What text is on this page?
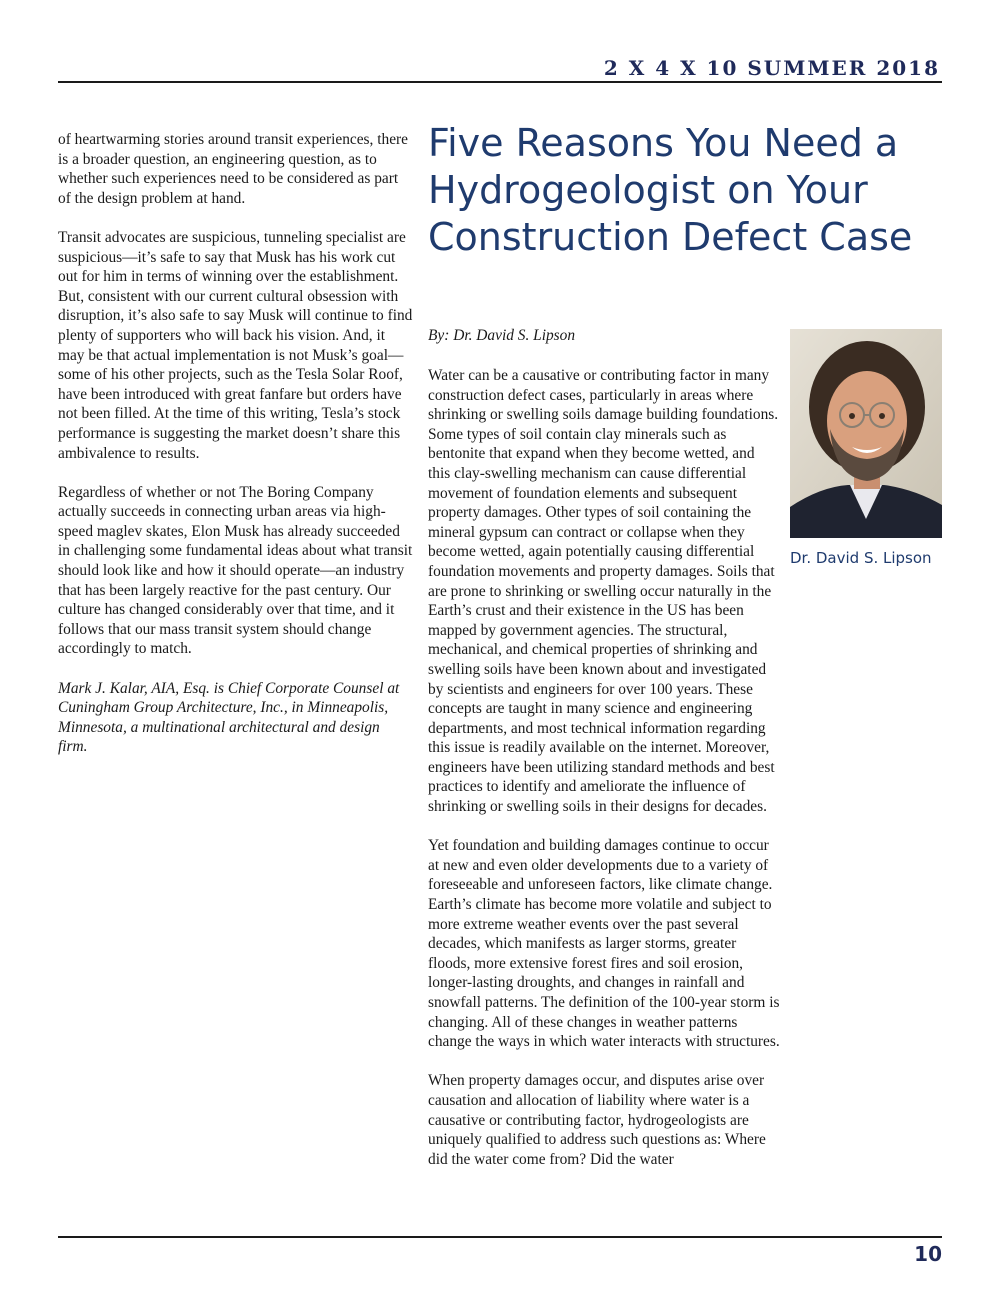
2 X 4 X 10 SUMMER 2018

of heartwarming stories around transit experiences, there is a broader question, an engineering question, as to whether such experiences need to be considered as part of the design problem at hand.

Transit advocates are suspicious, tunneling specialist are suspicious—it’s safe to say that Musk has his work cut out for him in terms of winning over the establishment. But, consistent with our current cultural obsession with disruption, it’s also safe to say Musk will continue to find plenty of supporters who will back his vision. And, it may be that actual implementation is not Musk’s goal—some of his other projects, such as the Tesla Solar Roof, have been introduced with great fanfare but orders have not been filled. At the time of this writing, Tesla’s stock performance is suggesting the market doesn’t share this ambivalence to results.

Regardless of whether or not The Boring Company actually succeeds in connecting urban areas via high-speed maglev skates, Elon Musk has already succeeded in challenging some fundamental ideas about what transit should look like and how it should operate—an industry that has been largely reactive for the past century. Our culture has changed considerably over that time, and it follows that our mass transit system should change accordingly to match.

Mark J. Kalar, AIA, Esq. is Chief Corporate Counsel at Cuningham Group Architecture, Inc., in Minneapolis, Minnesota, a multinational architectural and design firm.

Five Reasons You Need a Hydrogeologist on Your Construction Defect Case
By: Dr. David S. Lipson

Water can be a causative or contributing factor in many construction defect cases, particularly in areas where shrinking or swelling soils damage building foundations. Some types of soil contain clay minerals such as bentonite that expand when they become wetted, and this clay-swelling mechanism can cause differential movement of foundation elements and subsequent property damages. Other types of soil containing the mineral gypsum can contract or collapse when they become wetted, again potentially causing differential foundation movements and property damages. Soils that are prone to shrinking or swelling occur naturally in the Earth’s crust and their existence in the US has been mapped by government agencies. The structural, mechanical, and chemical properties of shrinking and swelling soils have been known about and investigated by scientists and engineers for over 100 years. These concepts are taught in many science and engineering departments, and most technical information regarding this issue is readily available on the internet. Moreover, engineers have been utilizing standard methods and best practices to identify and ameliorate the influence of shrinking or swelling soils in their designs for decades.

Yet foundation and building damages continue to occur at new and even older developments due to a variety of foreseeable and unforeseen factors, like climate change. Earth’s climate has become more volatile and subject to more extreme weather events over the past several decades, which manifests as larger storms, greater floods, more extensive forest fires and soil erosion, longer-lasting droughts, and changes in rainfall and snowfall patterns. The definition of the 100-year storm is changing. All of these changes in weather patterns change the ways in which water interacts with structures.

When property damages occur, and disputes arise over causation and allocation of liability where water is a causative or contributing factor, hydrogeologists are uniquely qualified to address such questions as: Where did the water come from? Did the water

Dr. David S. Lipson
10
